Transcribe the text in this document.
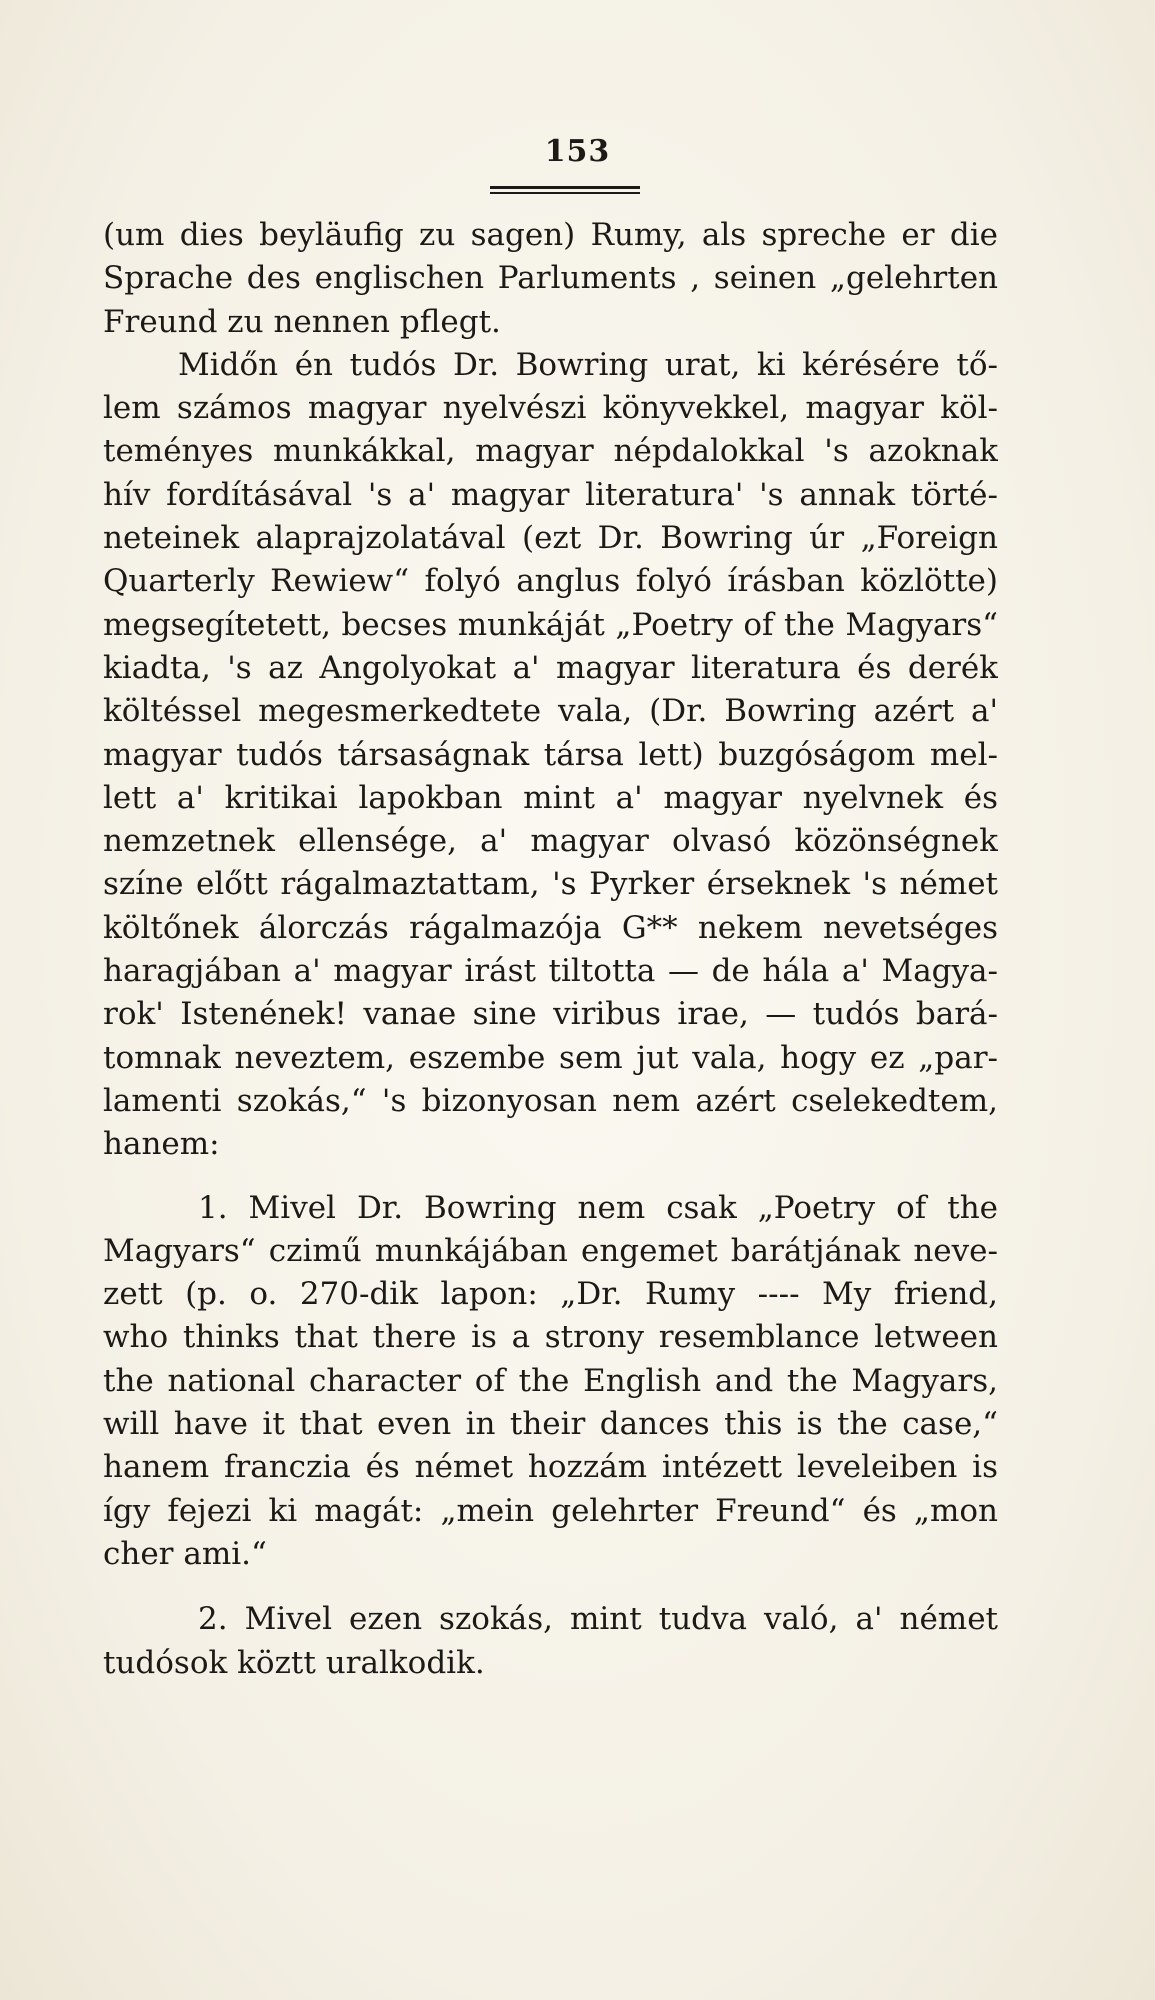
153
(um dies beyläufig zu sagen) Rumy, als spreche er die
Sprache des englischen Parluments , seinen „gelehrten
Freund zu nennen pflegt.
Midőn én tudós Dr. Bowring urat, ki kérésére tő-
lem számos magyar nyelvészi könyvekkel, magyar köl-
teményes munkákkal, magyar népdalokkal 's azoknak
hív fordításával 's a' magyar literatura' 's annak törté-
neteinek alaprajzolatával (ezt Dr. Bowring úr „Foreign
Quarterly Rewiew“ folyó anglus folyó írásban közlötte)
megsegítetett, becses munkáját „Poetry of the Magyars“
kiadta, 's az Angolyokat a' magyar literatura és derék
költéssel megesmerkedtete vala, (Dr. Bowring azért a'
magyar tudós társaságnak társa lett) buzgóságom mel-
lett a' kritikai lapokban mint a' magyar nyelvnek és
nemzetnek ellensége, a' magyar olvasó közönségnek
színe előtt rágalmaztattam, 's Pyrker érseknek 's német
költőnek álorczás rágalmazója G** nekem nevetséges
haragjában a' magyar irást tiltotta — de hála a' Magya-
rok' Istenének! vanae sine viribus irae, — tudós bará-
tomnak neveztem, eszembe sem jut vala, hogy ez „par-
lamenti szokás,“ 's bizonyosan nem azért cselekedtem,
hanem:
1. Mivel Dr. Bowring nem csak „Poetry of the
Magyars“ czimű munkájában engemet barátjának neve-
zett (p. o. 270-dik lapon: „Dr. Rumy ---- My friend,
who thinks that there is a strony resemblance letween
the national character of the English and the Magyars,
will have it that even in their dances this is the case,“
hanem franczia és német hozzám intézett leveleiben is
így fejezi ki magát: „mein gelehrter Freund“ és „mon
cher ami.“
2. Mivel ezen szokás, mint tudva való, a' német
tudósok köztt uralkodik.
